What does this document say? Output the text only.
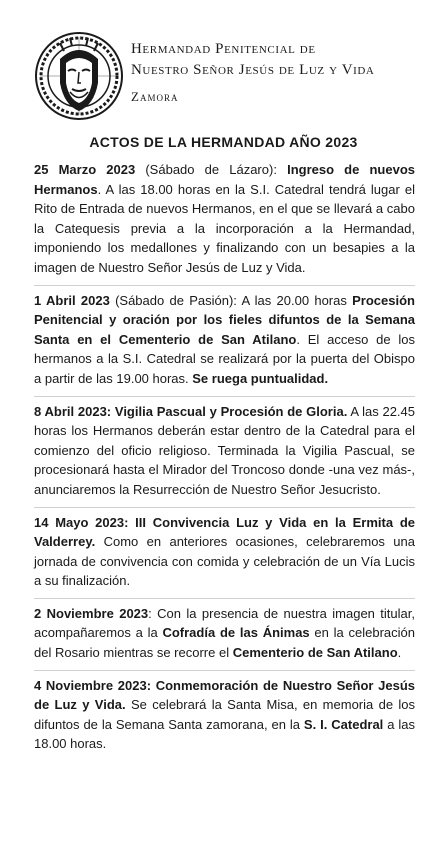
Hermandad Penitencial de
Nuestro Señor Jesús de Luz y Vida
Zamora
ACTOS DE LA HERMANDAD AÑO 2023

25 Marzo 2023 (Sábado de Lázaro): Ingreso de nuevos Hermanos. A las 18.00 horas en la S.I. Catedral tendrá lugar el Rito de Entrada de nuevos Hermanos, en el que se llevará a cabo la Catequesis previa a la incorporación a la Hermandad, imponiendo los medallones y finalizando con un besapies a la imagen de Nuestro Señor Jesús de Luz y Vida.

1 Abril 2023 (Sábado de Pasión): A las 20.00 horas Procesión Penitencial y oración por los fieles difuntos de la Semana Santa en el Cementerio de San Atilano. El acceso de los hermanos a la S.I. Catedral se realizará por la puerta del Obispo a partir de las 19.00 horas. Se ruega puntualidad.

8 Abril 2023: Vigilia Pascual y Procesión de Gloria. A las 22.45 horas los Hermanos deberán estar dentro de la Catedral para el comienzo del oficio religioso. Terminada la Vigilia Pascual, se procesionará hasta el Mirador del Troncoso donde -una vez más-, anunciaremos la Resurrección de Nuestro Señor Jesucristo.

14 Mayo 2023: III Convivencia Luz y Vida en la Ermita de Valderrey. Como en anteriores ocasiones, celebraremos una jornada de convivencia con comida y celebración de un Vía Lucis a su finalización.

2 Noviembre 2023: Con la presencia de nuestra imagen titular, acompañaremos a la Cofradía de las Ánimas en la celebración del Rosario mientras se recorre el Cementerio de San Atilano.

4 Noviembre 2023: Conmemoración de Nuestro Señor Jesús de Luz y Vida. Se celebrará la Santa Misa, en memoria de los difuntos de la Semana Santa zamorana, en la S. I. Catedral a las 18.00 horas.
